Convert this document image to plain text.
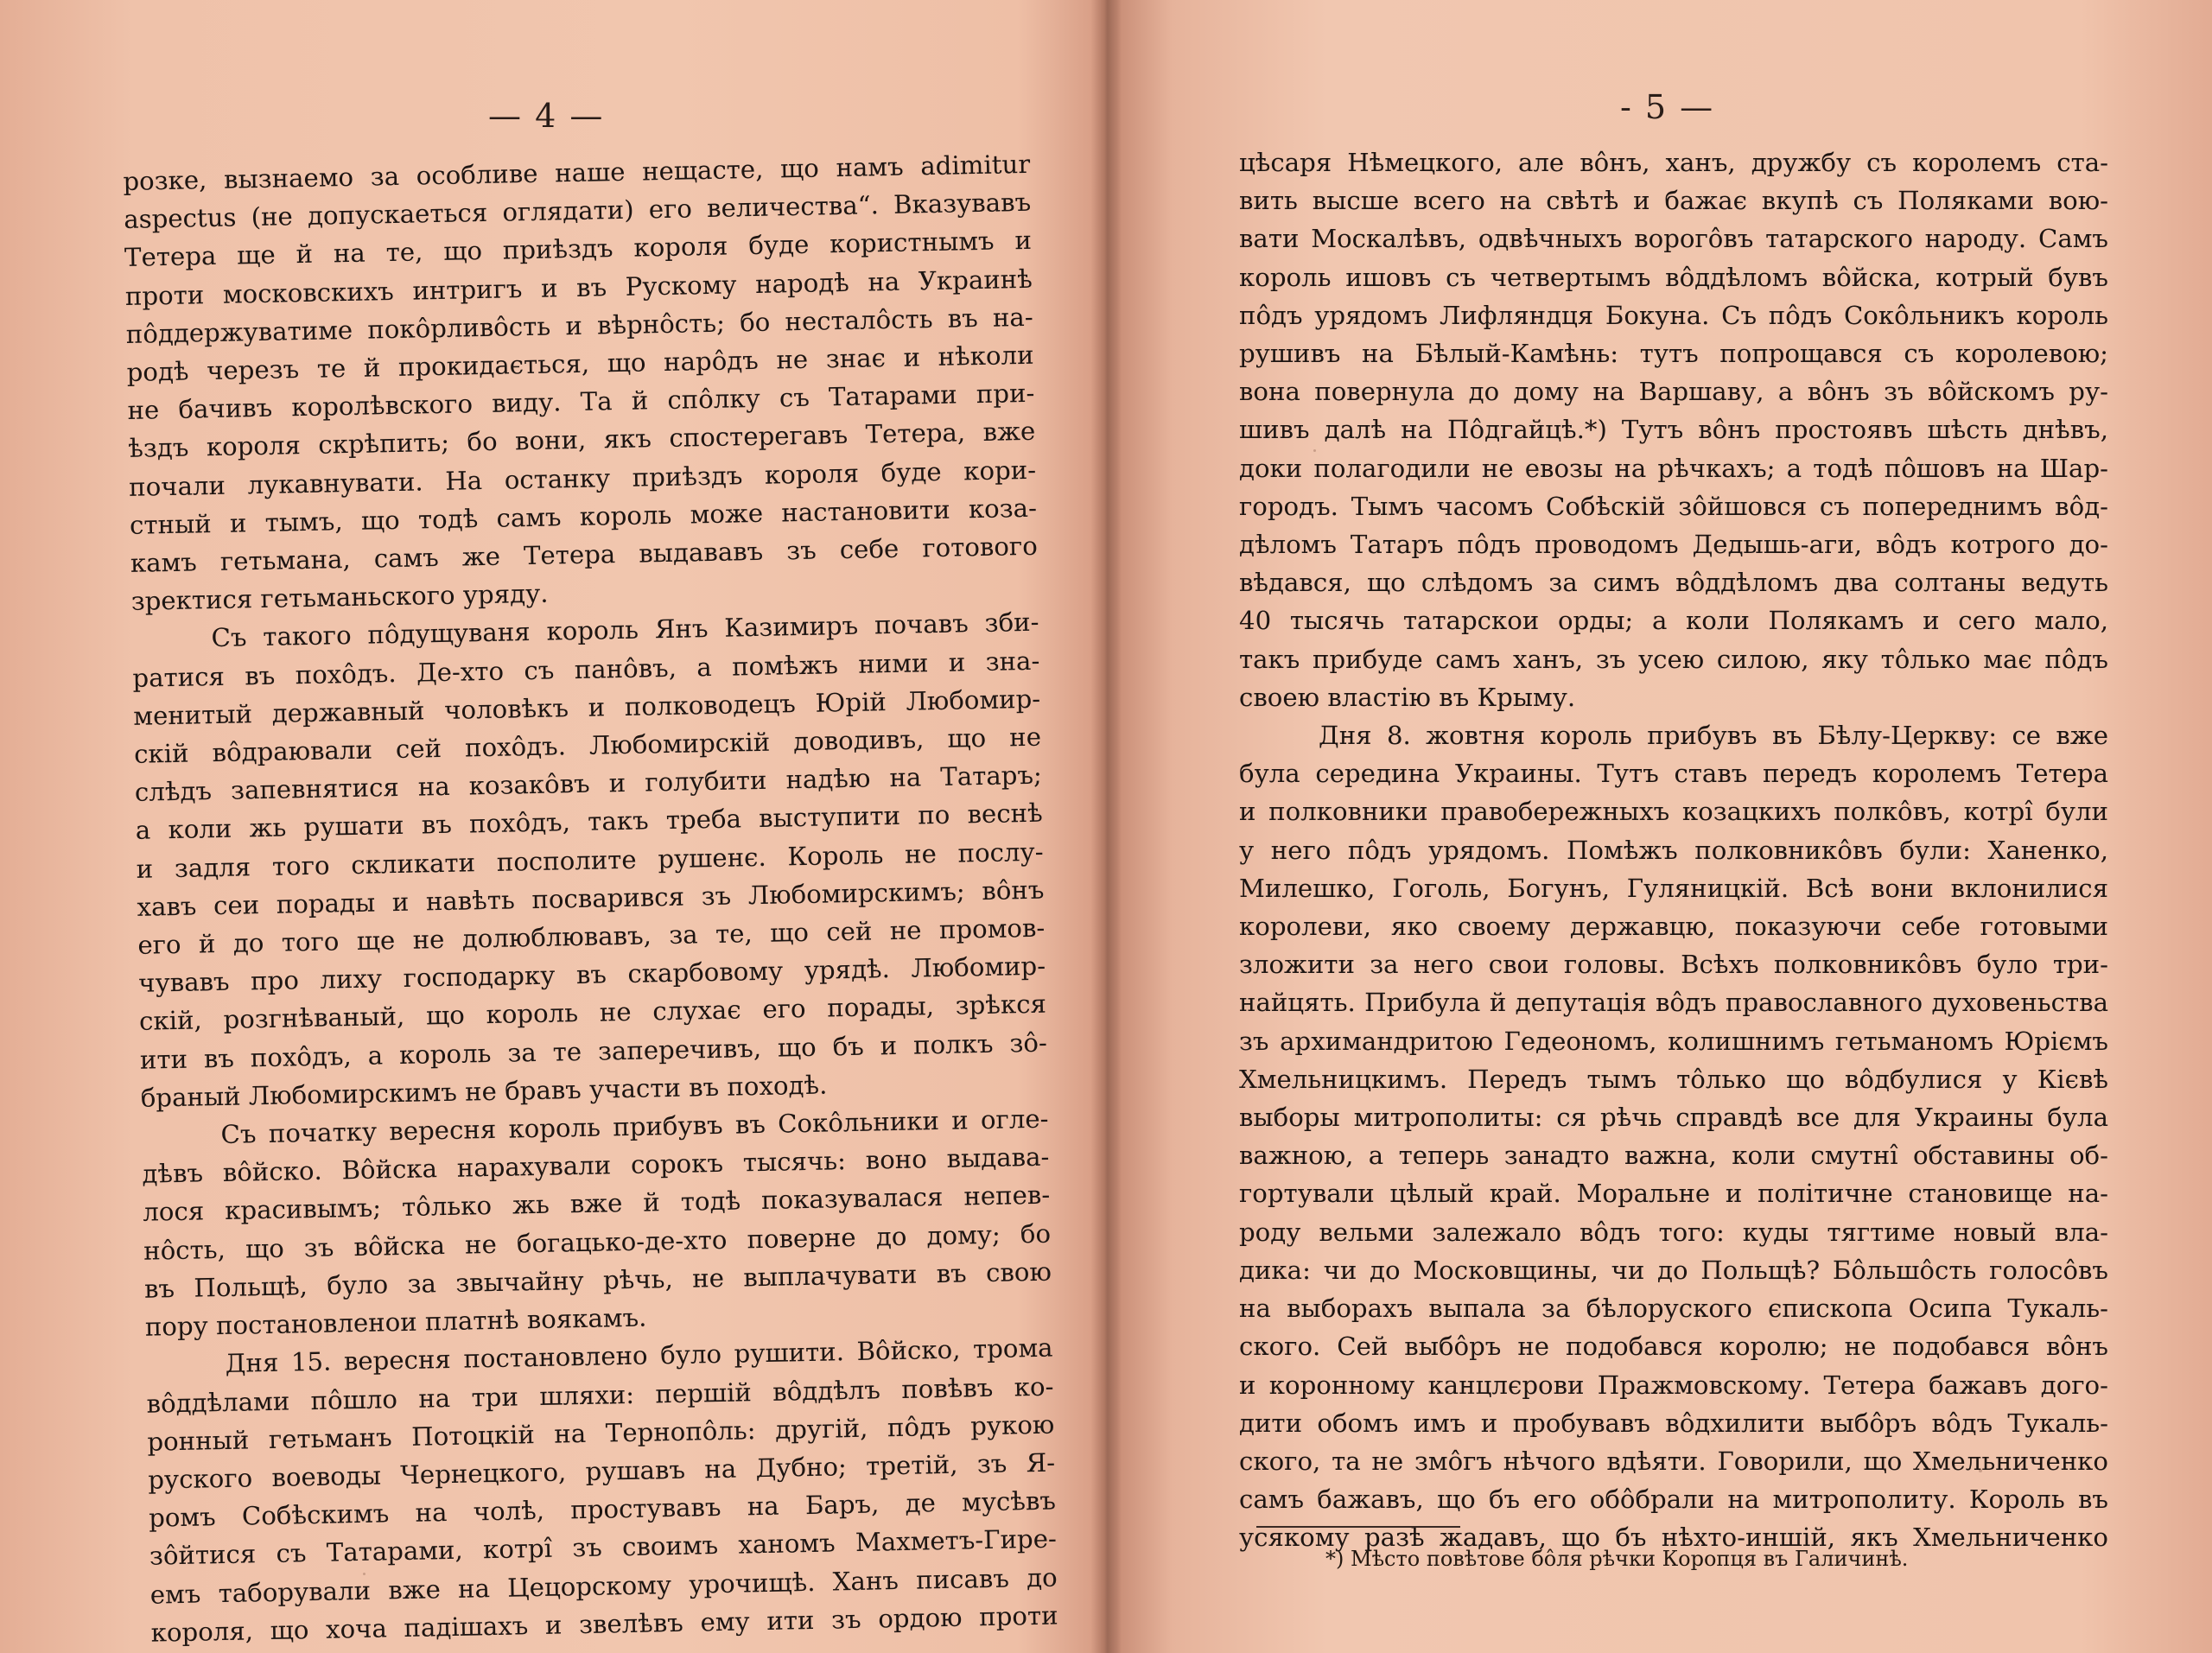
— 4 —
розке, вызнаемо за особливе наше нещасте, що намъ adimitur
aspectus (не допускаеться оглядати) его величества“. Вказувавъ
Тетера ще й на те, що приѣздъ короля буде користнымъ и
проти московскихъ интригъ и въ Рускому народѣ на Украинѣ
пôддержуватиме покôрливôсть и вѣрнôсть; бо несталôсть въ на-
родѣ черезъ те й прокидається, що нарôдъ не знає и нѣколи
не бачивъ королѣвского виду. Та й спôлку съ Татарами при-
ѣздъ короля скрѣпить; бо вони, якъ спостерегавъ Тетера, вже
почали лукавнувати. На останку приѣздъ короля буде кори-
стный и тымъ, що тодѣ самъ король може настановити коза-
камъ гетьмана, самъ же Тетера выдававъ зъ себе готового
зректися гетьманьского уряду.
Съ такого пôдущуваня король Янъ Казимиръ почавъ зби-
ратися въ похôдъ. Де-хто съ панôвъ, а помѣжъ ними и зна-
менитый державный чоловѣкъ и полководецъ Юрій Любомир-
скій вôдраювали сей похôдъ. Любомирскій доводивъ, що не
слѣдъ запевнятися на козакôвъ и голубити надѣю на Татаръ;
а коли жь рушати въ похôдъ, такъ треба выступити по веснѣ
и задля того скликати посполите рушенє. Король не послу-
хавъ сеи порады и навѣть посварився зъ Любомирскимъ; вôнъ
его й до того ще не долюблювавъ, за те, що сей не промов-
чувавъ про лиху господарку въ скарбовому урядѣ. Любомир-
скій, розгнѣваный, що король не слухає его порады, зрѣкся
ити въ похôдъ, а король за те заперечивъ, що бъ и полкъ зô-
браный Любомирскимъ не бравъ участи въ походѣ.
Съ початку вересня король прибувъ въ Сокôльники и огле-
дѣвъ вôйско. Вôйска нарахували сорокъ тысячь: воно выдава-
лося красивымъ; тôлько жь вже й тодѣ показувалася непев-
нôсть, що зъ вôйска не богацько-де-хто поверне до дому; бо
въ Польщѣ, було за звычайну рѣчь, не выплачувати въ свою
пору постановленои платнѣ воякамъ.
Дня 15. вересня постановлено було рушити. Вôйско, трома
вôддѣлами пôшло на три шляхи: першій вôддѣлъ повѣвъ ко-
ронный гетьманъ Потоцкій на Тернопôль: другій, пôдъ рукою
руского воеводы Чернецкого, рушавъ на Дубно; третій, зъ Я-
ромъ Собѣскимъ на чолѣ, простувавъ на Баръ, де мусѣвъ
зôйтися съ Татарами, котрî зъ своимъ ханомъ Махметъ-Гире-
емъ таборували вже на Цецорскому урочищѣ. Ханъ писавъ до
короля, що хоча падішахъ и звелѣвъ ему ити зъ ордою проти
- 5 —
цѣсаря Нѣмецкого, але вôнъ, ханъ, дружбу съ королемъ ста-
вить высше всего на свѣтѣ и бажає вкупѣ съ Поляками вою-
вати Москалѣвъ, одвѣчныхъ ворогôвъ татарского народу. Самъ
король ишовъ съ четвертымъ вôддѣломъ вôйска, котрый бувъ
пôдъ урядомъ Лифляндця Бокуна. Съ пôдъ Сокôльникъ король
рушивъ на Бѣлый-Камѣнь: тутъ попрощався съ королевою;
вона повернула до дому на Варшаву, а вôнъ зъ вôйскомъ ру-
шивъ далѣ на Пôдгайцѣ.*) Тутъ вôнъ простоявъ шѣсть днѣвъ,
доки полагодили не евозы на рѣчкахъ; а тодѣ пôшовъ на Шар-
городъ. Тымъ часомъ Собѣскій зôйшовся съ попереднимъ вôд-
дѣломъ Татаръ пôдъ проводомъ Дедышь-аги, вôдъ котрого до-
вѣдався, що слѣдомъ за симъ вôддѣломъ два солтаны ведуть
40 тысячь татарскои орды; а коли Полякамъ и сего мало,
такъ прибуде самъ ханъ, зъ усею силою, яку тôлько має пôдъ
своею властію въ Крыму.
Дня 8. жовтня король прибувъ въ Бѣлу-Церкву: се вже
була середина Украины. Тутъ ставъ передъ королемъ Тетера
и полковники правобережныхъ козацкихъ полкôвъ, котрî були
у него пôдъ урядомъ. Помѣжъ полковникôвъ були: Ханенко,
Милешко, Гоголь, Богунъ, Гуляницкій. Всѣ вони вклонилися
королеви, яко своему державцю, показуючи себе готовыми
зложити за него свои головы. Всѣхъ полковникôвъ було три-
найцять. Прибула й депутація вôдъ православного духовеньства
зъ архимандритою Гедеономъ, колишнимъ гетьманомъ Юріємъ
Хмельницкимъ. Передъ тымъ тôлько що вôдбулися у Кієвѣ
выборы митрополиты: ся рѣчь справдѣ все для Украины була
важною, а теперь занадто важна, коли смутнî обставины об-
гортували цѣлый край. Моральне и політичне становище на-
роду вельми залежало вôдъ того: куды тягтиме новый вла-
дика: чи до Московщины, чи до Польщѣ? Бôльшôсть голосôвъ
на выборахъ выпала за бѣлоруского єпископа Осипа Тукаль-
ского. Сей выбôръ не подобався королю; не подобався вôнъ
и коронному канцлєрови Пражмовскому. Тетера бажавъ дого-
дити обомъ имъ и пробувавъ вôдхилити выбôръ вôдъ Тукаль-
ского, та не змôгъ нѣчого вдѣяти. Говорили, що Хмельниченко
самъ бажавъ, що бъ его обôбрали на митрополиту. Король въ
усякому разѣ жадавъ, що бъ нѣхто-иншій, якъ Хмельниченко
*) Мѣсто повѣтове бôля рѣчки Коропця въ Галичинѣ.
